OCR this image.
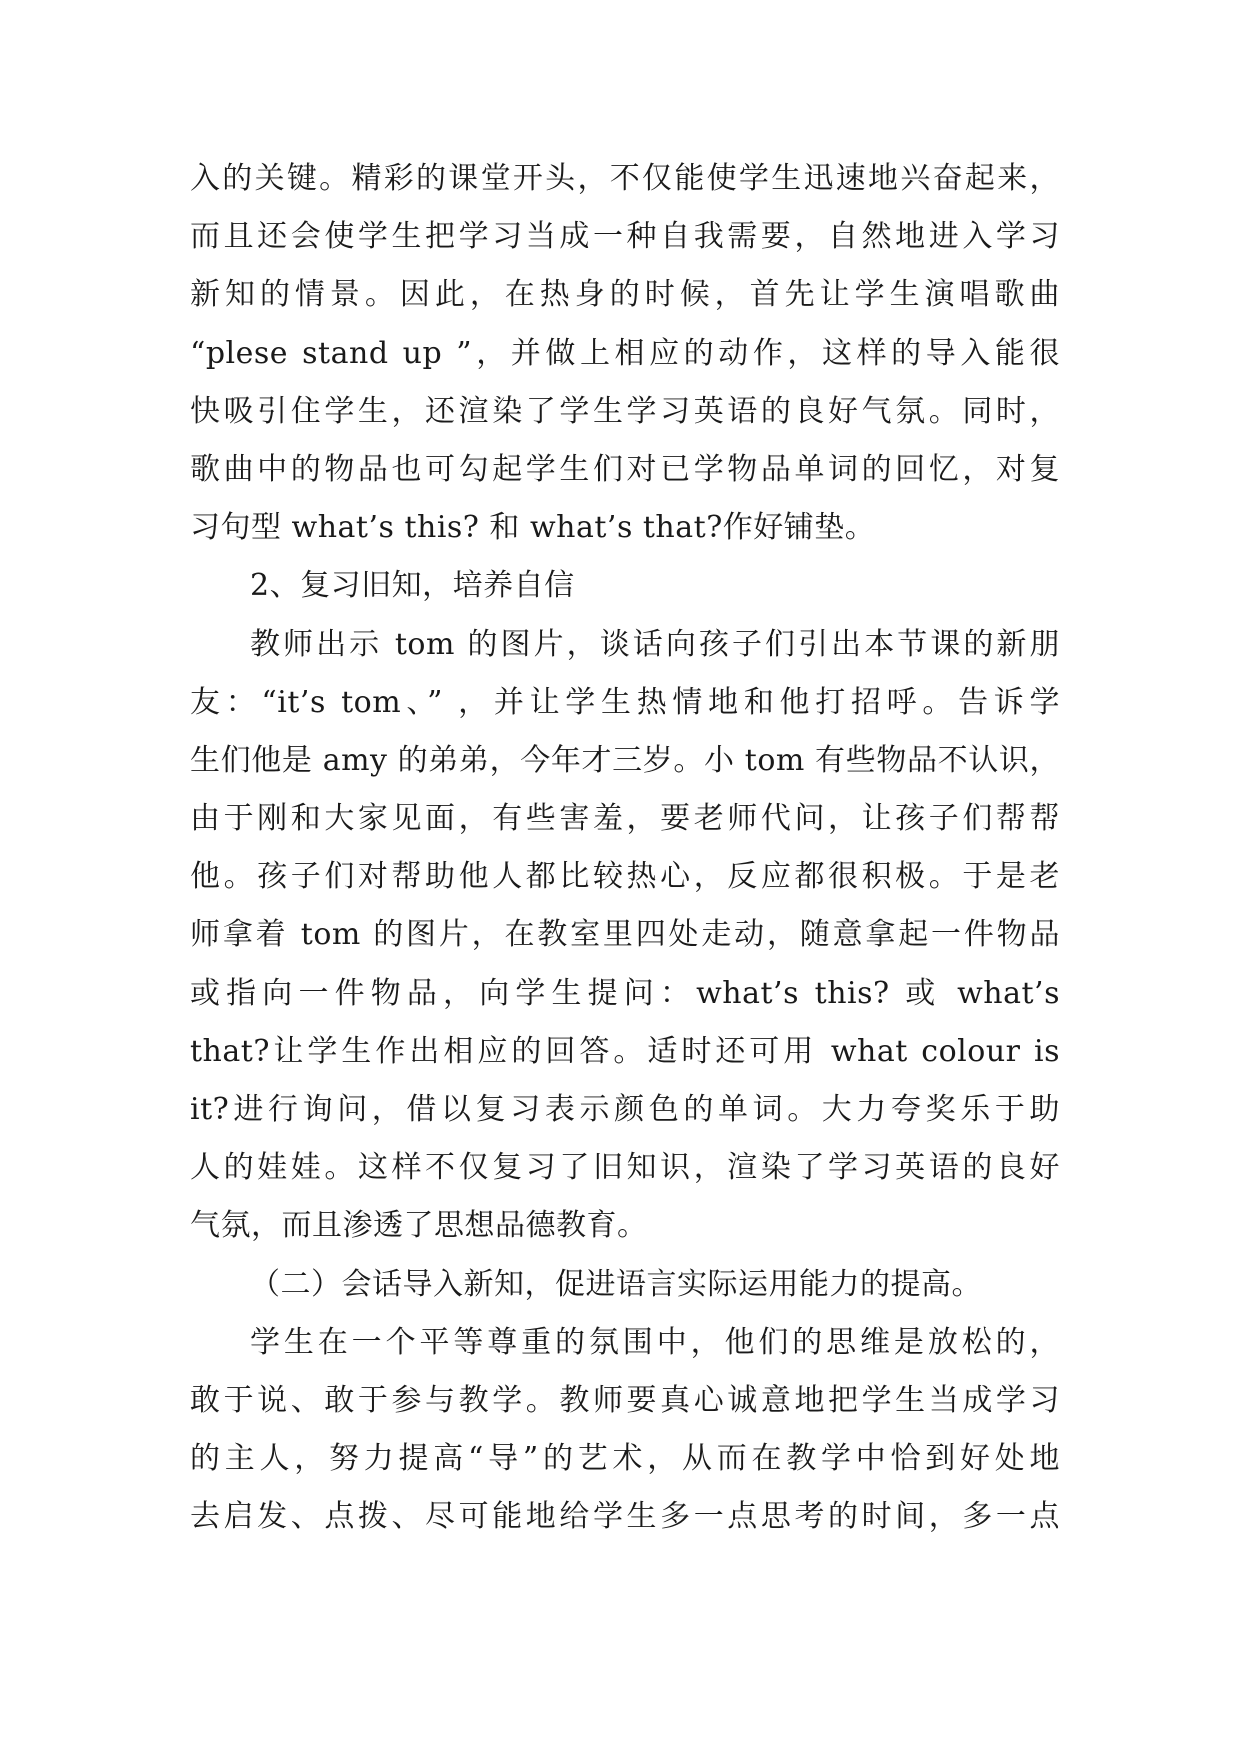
入的关键。精彩的课堂开头，不仅能使学生迅速地兴奋起来，
而且还会使学生把学习当成一种自我需要，自然地进入学习
新知的情景。因此，在热身的时候，首先让学生演唱歌曲
“plese stand up ”，并做上相应的动作，这样的导入能很
快吸引住学生，还渲染了学生学习英语的良好气氛。同时，
歌曲中的物品也可勾起学生们对已学物品单词的回忆，对复
习句型 what’s this? 和 what’s that?作好铺垫。
2、复习旧知，培养自信
教师出示 tom 的图片，谈话向孩子们引出本节课的新朋
友：“it’s tom、” ，并让学生热情地和他打招呼。告诉学
生们他是 amy 的弟弟，今年才三岁。小 tom 有些物品不认识，
由于刚和大家见面，有些害羞，要老师代问，让孩子们帮帮
他。孩子们对帮助他人都比较热心，反应都很积极。于是老
师拿着 tom 的图片，在教室里四处走动，随意拿起一件物品
或指向一件物品，向学生提问：what’s this? 或 what’s
that?让学生作出相应的回答。适时还可用 what colour is
it?进行询问，借以复习表示颜色的单词。大力夸奖乐于助
人的娃娃。这样不仅复习了旧知识，渲染了学习英语的良好
气氛，而且渗透了思想品德教育。
（二）会话导入新知，促进语言实际运用能力的提高。
学生在一个平等尊重的氛围中，他们的思维是放松的，
敢于说、敢于参与教学。教师要真心诚意地把学生当成学习
的主人，努力提高“导”的艺术，从而在教学中恰到好处地
去启发、点拨、尽可能地给学生多一点思考的时间，多一点
